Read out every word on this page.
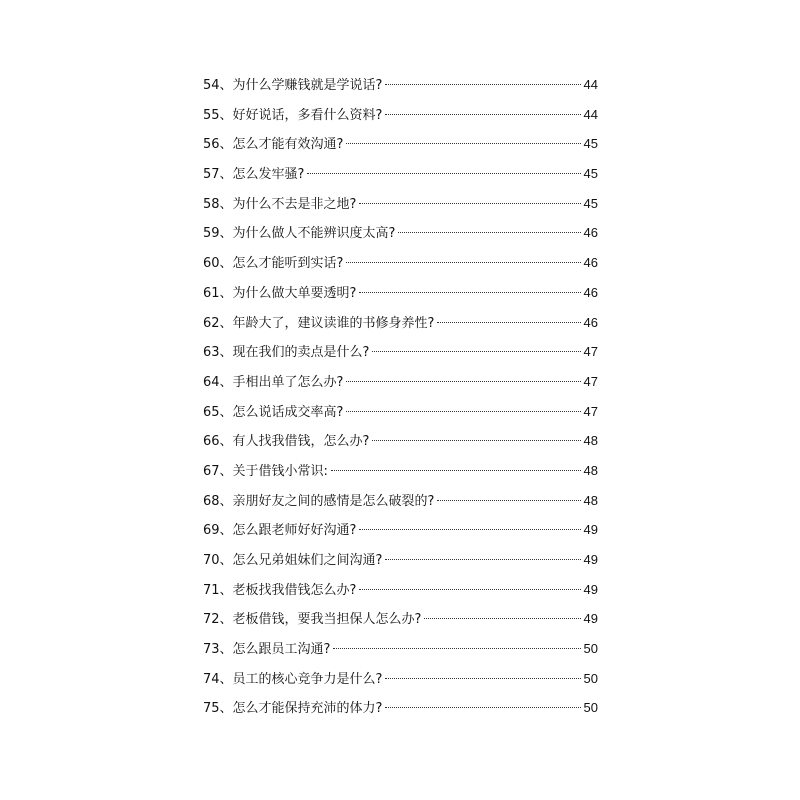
54、为什么学赚钱就是学说话?	44
55、好好说话，多看什么资料?	44
56、怎么才能有效沟通?	45
57、怎么发牢骚?	45
58、为什么不去是非之地?	45
59、为什么做人不能辨识度太高?	46
60、怎么才能听到实话?	46
61、为什么做大单要透明?	46
62、年龄大了，建议读谁的书修身养性?	46
63、现在我们的卖点是什么?	47
64、手相出单了怎么办?	47
65、怎么说话成交率高?	47
66、有人找我借钱，怎么办?	48
67、关于借钱小常识:	48
68、亲朋好友之间的感情是怎么破裂的?	48
69、怎么跟老师好好沟通?	49
70、怎么兄弟姐妹们之间沟通?	49
71、老板找我借钱怎么办?	49
72、老板借钱，要我当担保人怎么办?	49
73、怎么跟员工沟通?	50
74、员工的核心竞争力是什么?	50
75、怎么才能保持充沛的体力?	50
